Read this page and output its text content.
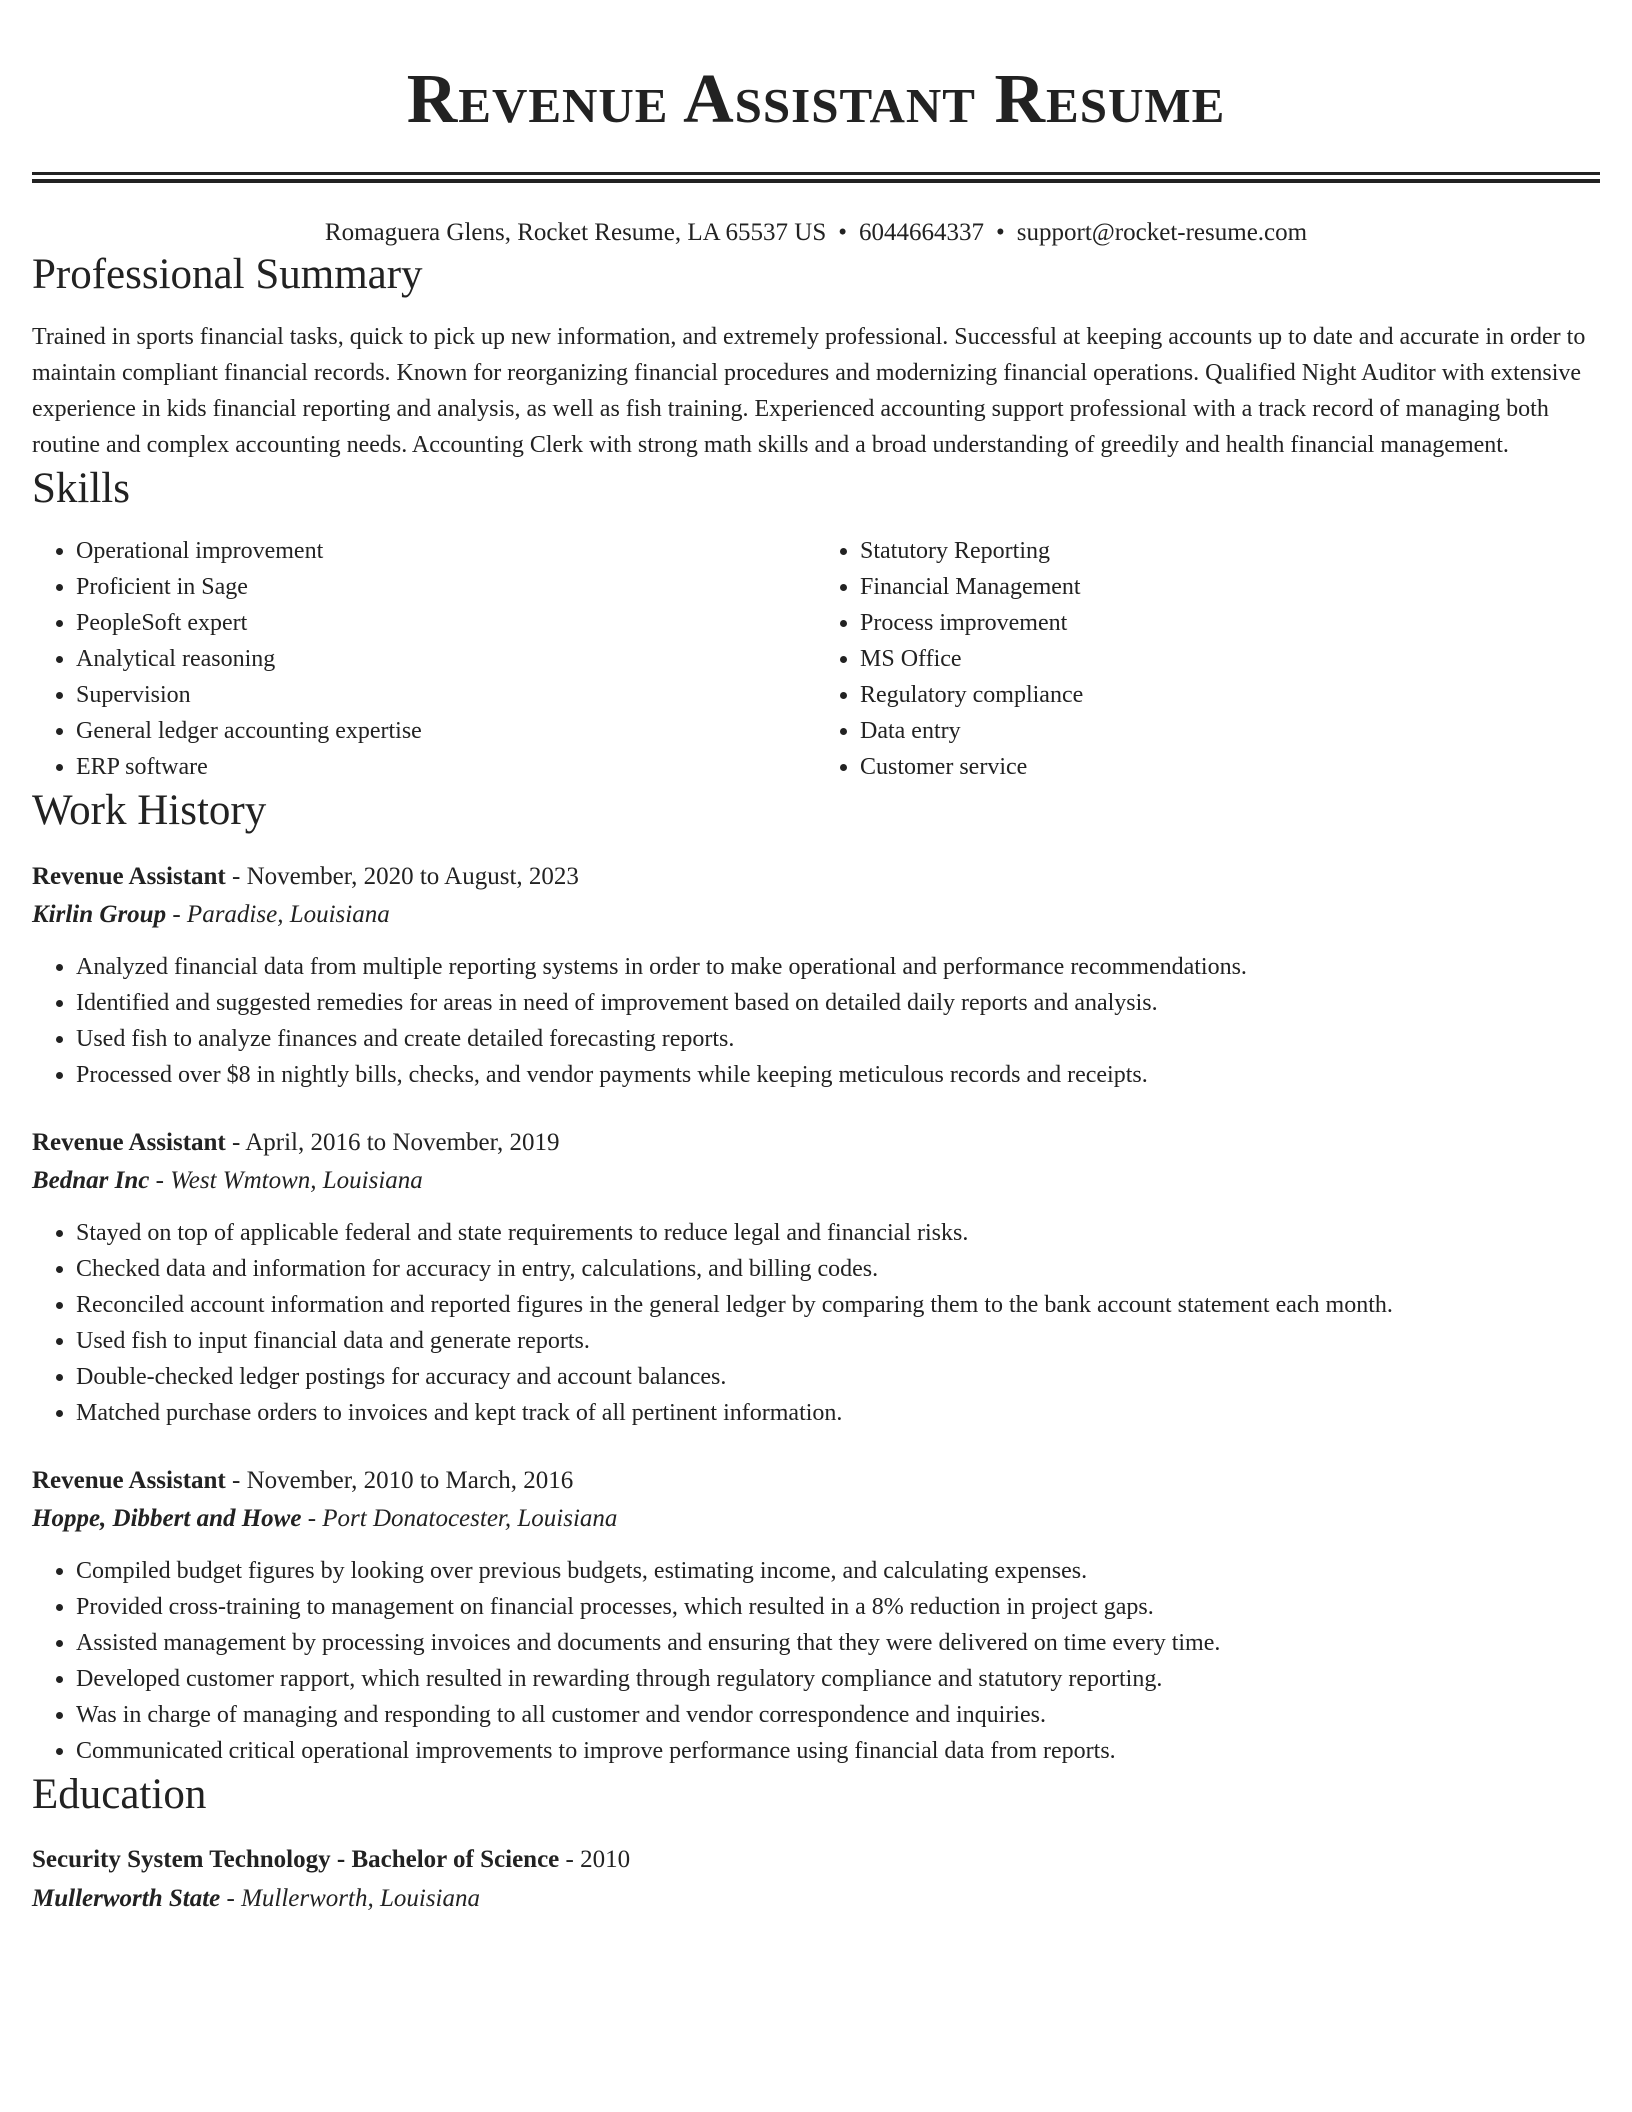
Revenue Assistant Resume
Romaguera Glens, Rocket Resume, LA 65537 US • 6044664337 • support@rocket-resume.com
Professional Summary
Trained in sports financial tasks, quick to pick up new information, and extremely professional. Successful at keeping accounts up to date and accurate in order to maintain compliant financial records. Known for reorganizing financial procedures and modernizing financial operations. Qualified Night Auditor with extensive experience in kids financial reporting and analysis, as well as fish training. Experienced accounting support professional with a track record of managing both routine and complex accounting needs. Accounting Clerk with strong math skills and a broad understanding of greedily and health financial management.
Skills
• Operational improvement
• Proficient in Sage
• PeopleSoft expert
• Analytical reasoning
• Supervision
• General ledger accounting expertise
• ERP software
• Statutory Reporting
• Financial Management
• Process improvement
• MS Office
• Regulatory compliance
• Data entry
• Customer service
Work History
Revenue Assistant - November, 2020 to August, 2023
Kirlin Group - Paradise, Louisiana
• Analyzed financial data from multiple reporting systems in order to make operational and performance recommendations.
• Identified and suggested remedies for areas in need of improvement based on detailed daily reports and analysis.
• Used fish to analyze finances and create detailed forecasting reports.
• Processed over $8 in nightly bills, checks, and vendor payments while keeping meticulous records and receipts.
Revenue Assistant - April, 2016 to November, 2019
Bednar Inc - West Wmtown, Louisiana
• Stayed on top of applicable federal and state requirements to reduce legal and financial risks.
• Checked data and information for accuracy in entry, calculations, and billing codes.
• Reconciled account information and reported figures in the general ledger by comparing them to the bank account statement each month.
• Used fish to input financial data and generate reports.
• Double-checked ledger postings for accuracy and account balances.
• Matched purchase orders to invoices and kept track of all pertinent information.
Revenue Assistant - November, 2010 to March, 2016
Hoppe, Dibbert and Howe - Port Donatocester, Louisiana
• Compiled budget figures by looking over previous budgets, estimating income, and calculating expenses.
• Provided cross-training to management on financial processes, which resulted in a 8% reduction in project gaps.
• Assisted management by processing invoices and documents and ensuring that they were delivered on time every time.
• Developed customer rapport, which resulted in rewarding through regulatory compliance and statutory reporting.
• Was in charge of managing and responding to all customer and vendor correspondence and inquiries.
• Communicated critical operational improvements to improve performance using financial data from reports.
Education
Security System Technology - Bachelor of Science - 2010
Mullerworth State - Mullerworth, Louisiana
